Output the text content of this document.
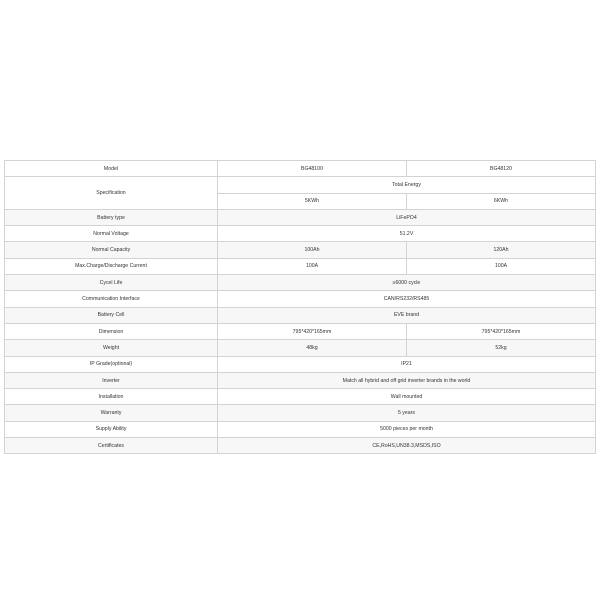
Model	BG48100	BG48120
Specification	Total Energy	
	5KWh	6KWh
Battery type	LiFePO4	
Normal Voltage	51.2V	
Normal Capacity	100Ah	120Ah
Max.Charge/Discharge Current	100A	100A
Cycel Life	≥6000 cycle	
Communication Interface	CAN/RS232/RS485	
Battery Cell	EVE brand	
Dimension	795*420*165mm	795*420*165mm
Weight	48kg	52kg
IP Grade(optional)	IP21	
Inverter	Match all hybrid and off grid inverter brands in the world	
Installation	Wall mounted	
Warranty	5 years	
Supply Ability	5000 pieces per month	
Certificates	CE,RoHS,UN38.3,MSDS,ISO	
